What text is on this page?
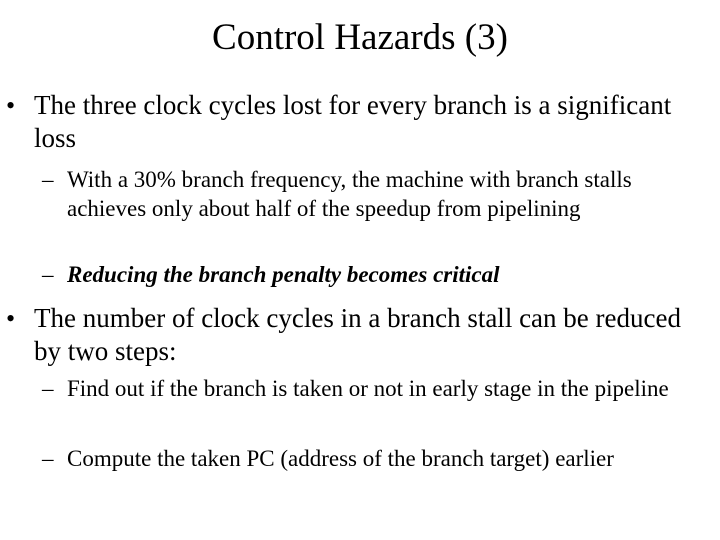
Control Hazards (3)
• The three clock cycles lost for every branch is a significant loss
– With a 30% branch frequency, the machine with branch stalls achieves only about half of the speedup from pipelining
– Reducing the branch penalty becomes critical
• The number of clock cycles in a branch stall can be reduced by two steps:
– Find out if the branch is taken or not in early stage in the pipeline
– Compute the taken PC (address of the branch target) earlier
